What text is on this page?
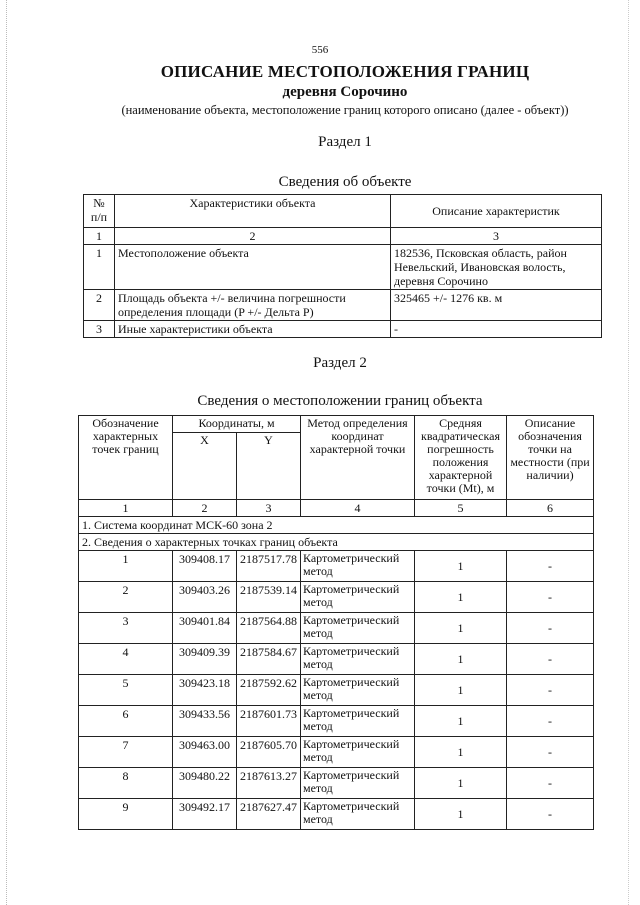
556
ОПИСАНИЕ МЕСТОПОЛОЖЕНИЯ ГРАНИЦ
деревня Сорочино
(наименование объекта, местоположение границ которого описано (далее - объект))
Раздел 1
Сведения об объекте
№ п/п	Характеристики объекта	Описание характеристик
1	2	3
1	Местоположение объекта	182536, Псковская область, район Невельский, Ивановская волость, деревня Сорочино
2	Площадь объекта +/- величина погрешности определения площади (P +/- Дельта P)	325465 +/- 1276 кв. м
3	Иные характеристики объекта	-
Раздел 2
Сведения о местоположении границ объекта
Обозначение характерных точек границ	Координаты, м		Метод определения координат характерной точки	Средняя квадратическая погрешность положения характерной точки (Mt), м	Описание обозначения точки на местности (при наличии)
	X	Y			
1	2	3	4	5	6
1. Система координат МСК-60 зона 2					
2. Сведения о характерных точках границ объекта					
1	309408.17	2187517.78	Картометрический метод	1	-
2	309403.26	2187539.14	Картометрический метод	1	-
3	309401.84	2187564.88	Картометрический метод	1	-
4	309409.39	2187584.67	Картометрический метод	1	-
5	309423.18	2187592.62	Картометрический метод	1	-
6	309433.56	2187601.73	Картометрический метод	1	-
7	309463.00	2187605.70	Картометрический метод	1	-
8	309480.22	2187613.27	Картометрический метод	1	-
9	309492.17	2187627.47	Картометрический метод	1	-
